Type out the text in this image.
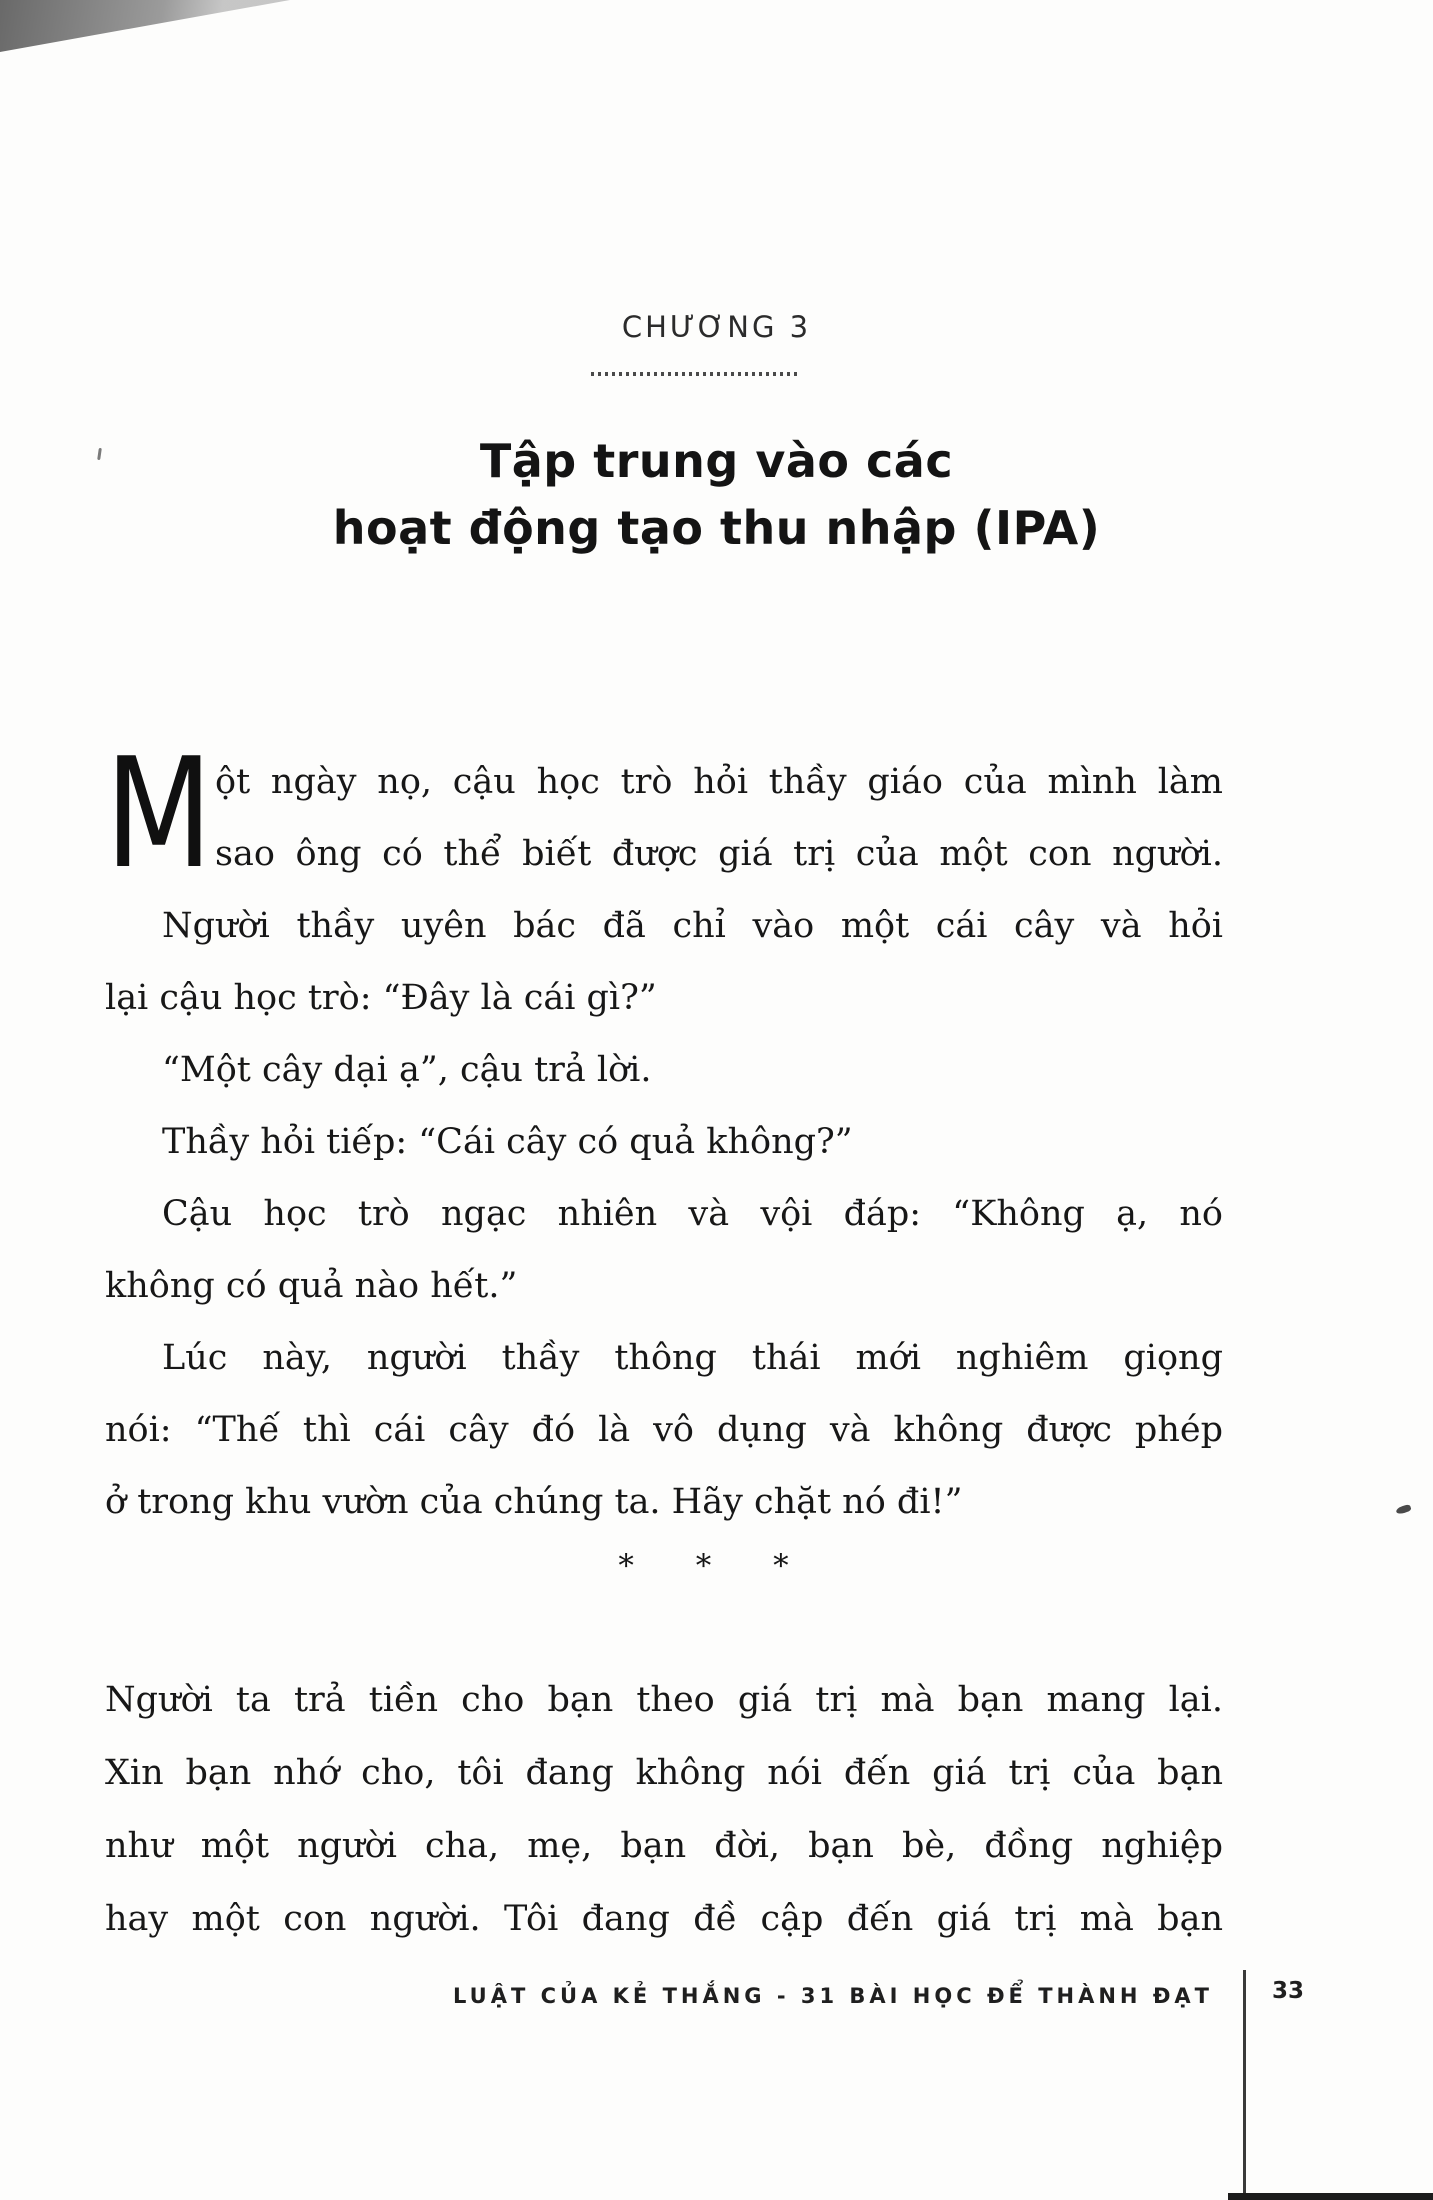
CHƯƠNG 3
Tập trung vào các
hoạt động tạo thu nhập (IPA)
M ột ngày nọ, cậu học trò hỏi thầy giáo của mình làm
sao ông có thể biết được giá trị của một con người.
Người thầy uyên bác đã chỉ vào một cái cây và hỏi
lại cậu học trò: “Đây là cái gì?”
“Một cây dại ạ”, cậu trả lời.
Thầy hỏi tiếp: “Cái cây có quả không?”
Cậu học trò ngạc nhiên và vội đáp: “Không ạ, nó
không có quả nào hết.”
Lúc này, người thầy thông thái mới nghiêm giọng
nói: “Thế thì cái cây đó là vô dụng và không được phép
ở trong khu vườn của chúng ta. Hãy chặt nó đi!”
* * *
Người ta trả tiền cho bạn theo giá trị mà bạn mang lại.
Xin bạn nhớ cho, tôi đang không nói đến giá trị của bạn
như một người cha, mẹ, bạn đời, bạn bè, đồng nghiệp
hay một con người. Tôi đang đề cập đến giá trị mà bạn
LUẬT CỦA KẺ THẮNG - 31 BÀI HỌC ĐỂ THÀNH ĐẠT	33
